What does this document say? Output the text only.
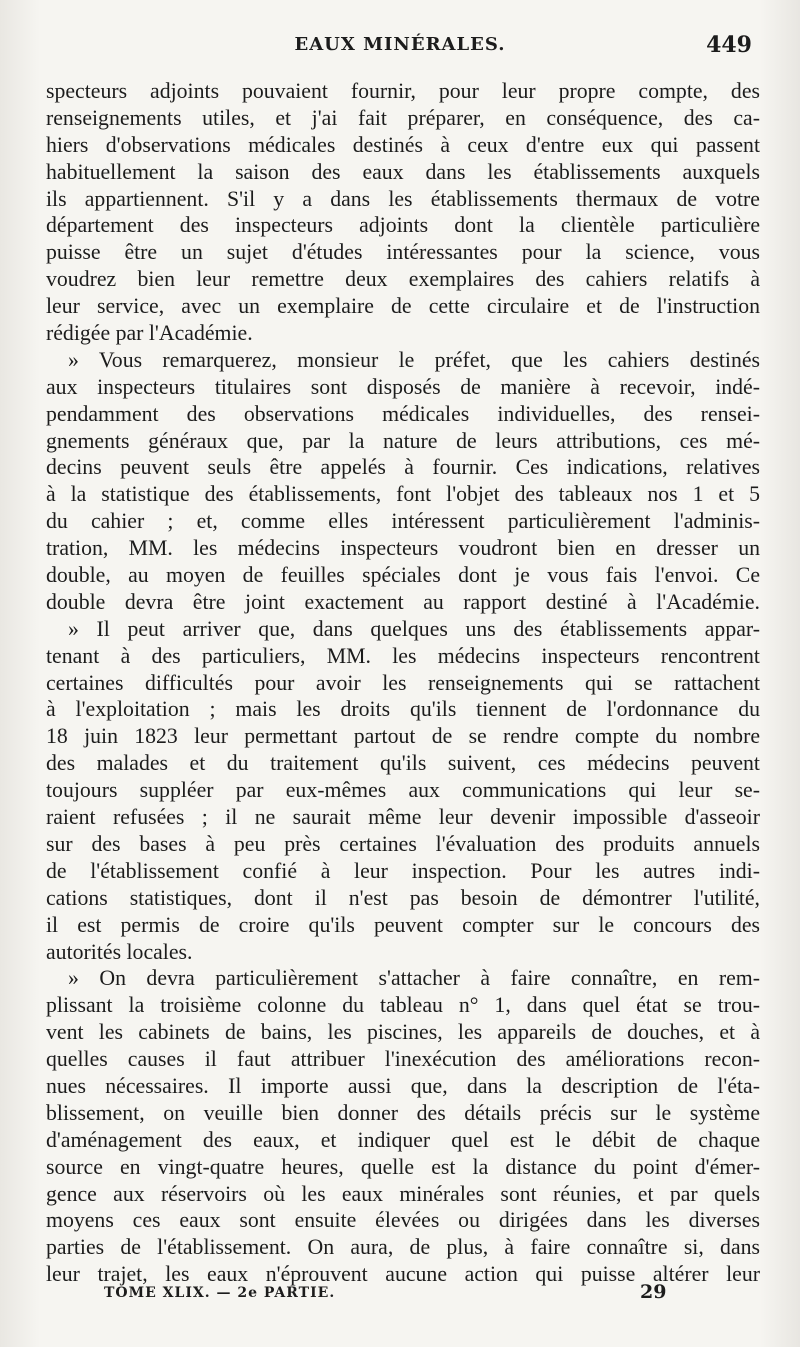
EAUX MINÉRALES.	449
specteurs adjoints pouvaient fournir, pour leur propre compte, des
renseignements utiles, et j'ai fait préparer, en conséquence, des ca-
hiers d'observations médicales destinés à ceux d'entre eux qui passent
habituellement la saison des eaux dans les établissements auxquels
ils appartiennent. S'il y a dans les établissements thermaux de votre
département des inspecteurs adjoints dont la clientèle particulière
puisse être un sujet d'études intéressantes pour la science, vous
voudrez bien leur remettre deux exemplaires des cahiers relatifs à
leur service, avec un exemplaire de cette circulaire et de l'instruction
rédigée par l'Académie.
» Vous remarquerez, monsieur le préfet, que les cahiers destinés
aux inspecteurs titulaires sont disposés de manière à recevoir, indé-
pendamment des observations médicales individuelles, des rensei-
gnements généraux que, par la nature de leurs attributions, ces mé-
decins peuvent seuls être appelés à fournir. Ces indications, relatives
à la statistique des établissements, font l'objet des tableaux nos 1 et 5
du cahier ; et, comme elles intéressent particulièrement l'adminis-
tration, MM. les médecins inspecteurs voudront bien en dresser un
double, au moyen de feuilles spéciales dont je vous fais l'envoi. Ce
double devra être joint exactement au rapport destiné à l'Académie.
» Il peut arriver que, dans quelques uns des établissements appar-
tenant à des particuliers, MM. les médecins inspecteurs rencontrent
certaines difficultés pour avoir les renseignements qui se rattachent
à l'exploitation ; mais les droits qu'ils tiennent de l'ordonnance du
18 juin 1823 leur permettant partout de se rendre compte du nombre
des malades et du traitement qu'ils suivent, ces médecins peuvent
toujours suppléer par eux-mêmes aux communications qui leur se-
raient refusées ; il ne saurait même leur devenir impossible d'asseoir
sur des bases à peu près certaines l'évaluation des produits annuels
de l'établissement confié à leur inspection. Pour les autres indi-
cations statistiques, dont il n'est pas besoin de démontrer l'utilité,
il est permis de croire qu'ils peuvent compter sur le concours des
autorités locales.
» On devra particulièrement s'attacher à faire connaître, en rem-
plissant la troisième colonne du tableau n° 1, dans quel état se trou-
vent les cabinets de bains, les piscines, les appareils de douches, et à
quelles causes il faut attribuer l'inexécution des améliorations recon-
nues nécessaires. Il importe aussi que, dans la description de l'éta-
blissement, on veuille bien donner des détails précis sur le système
d'aménagement des eaux, et indiquer quel est le débit de chaque
source en vingt-quatre heures, quelle est la distance du point d'émer-
gence aux réservoirs où les eaux minérales sont réunies, et par quels
moyens ces eaux sont ensuite élevées ou dirigées dans les diverses
parties de l'établissement. On aura, de plus, à faire connaître si, dans
leur trajet, les eaux n'éprouvent aucune action qui puisse altérer leur
TOME XLIX. — 2e PARTIE.	29
